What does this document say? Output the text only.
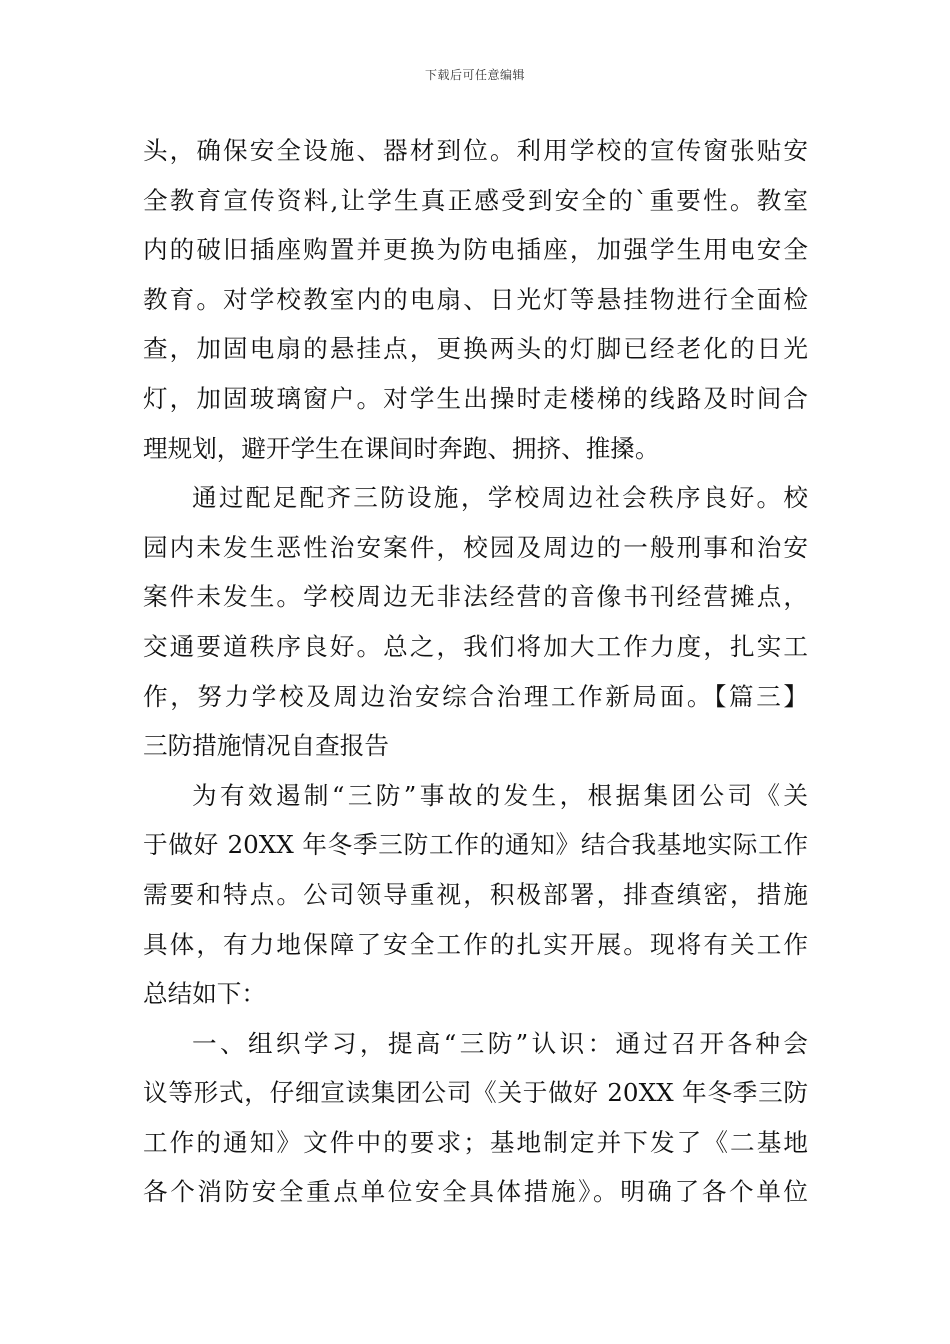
下载后可任意编辑
头，确保安全设施、器材到位。利用学校的宣传窗张贴安
全教育宣传资料,让学生真正感受到安全的`重要性。教室
内的破旧插座购置并更换为防电插座，加强学生用电安全
教育。对学校教室内的电扇、日光灯等悬挂物进行全面检
查，加固电扇的悬挂点，更换两头的灯脚已经老化的日光
灯，加固玻璃窗户。对学生出操时走楼梯的线路及时间合
理规划，避开学生在课间时奔跑、拥挤、推搡。
通过配足配齐三防设施，学校周边社会秩序良好。校
园内未发生恶性治安案件，校园及周边的一般刑事和治安
案件未发生。学校周边无非法经营的音像书刊经营摊点，
交通要道秩序良好。总之，我们将加大工作力度，扎实工
作，努力学校及周边治安综合治理工作新局面。【篇三】
三防措施情况自查报告
为有效遏制“三防”事故的发生，根据集团公司《关
于做好 20XX 年冬季三防工作的通知》结合我基地实际工作
需要和特点。公司领导重视，积极部署，排查缜密，措施
具体，有力地保障了安全工作的扎实开展。现将有关工作
总结如下：
一、组织学习，提高“三防”认识：通过召开各种会
议等形式，仔细宣读集团公司《关于做好 20XX 年冬季三防
工作的通知》文件中的要求；基地制定并下发了《二基地
各个消防安全重点单位安全具体措施》。明确了各个单位
